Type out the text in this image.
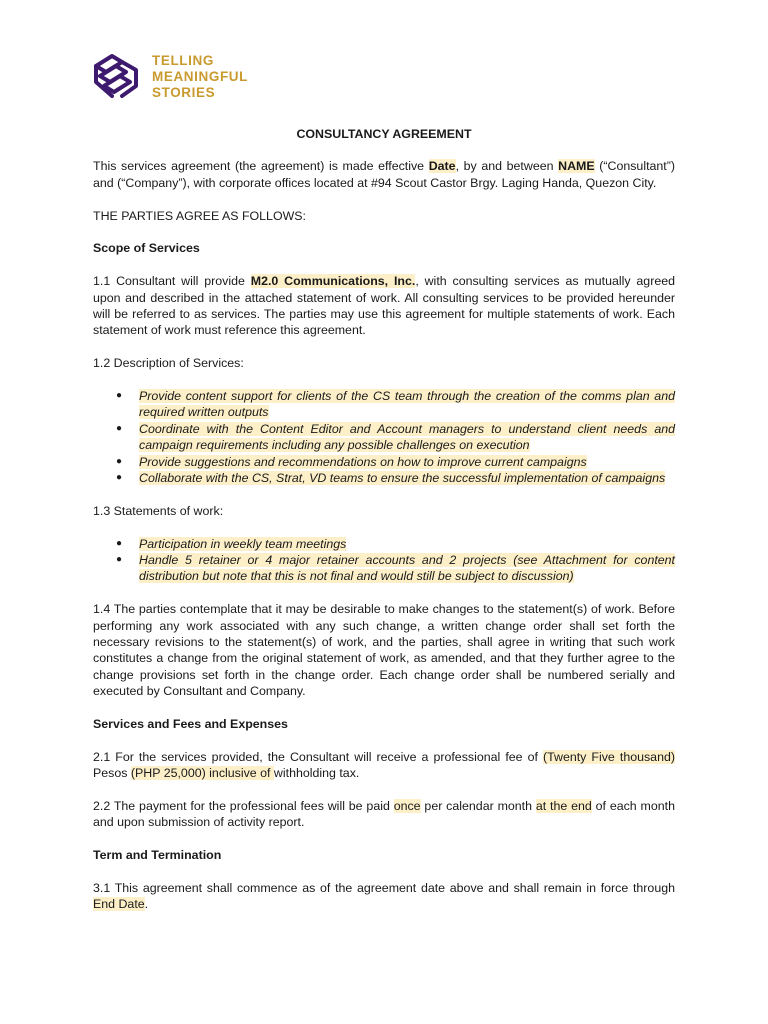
TELLING
MEANINGFUL
STORIES
CONSULTANCY AGREEMENT

This services agreement (the agreement) is made effective Date, by and between NAME (“Consultant”) and (“Company”), with corporate offices located at #94 Scout Castor Brgy. Laging Handa, Quezon City.

THE PARTIES AGREE AS FOLLOWS:

Scope of Services

1.1 Consultant will provide M2.0 Communications, Inc., with consulting services as mutually agreed upon and described in the attached statement of work. All consulting services to be provided hereunder will be referred to as services. The parties may use this agreement for multiple statements of work. Each statement of work must reference this agreement.

1.2 Description of Services:

● Provide content support for clients of the CS team through the creation of the comms plan and required written outputs
● Coordinate with the Content Editor and Account managers to understand client needs and campaign requirements including any possible challenges on execution
● Provide suggestions and recommendations on how to improve current campaigns
● Collaborate with the CS, Strat, VD teams to ensure the successful implementation of campaigns

1.3 Statements of work:

● Participation in weekly team meetings
● Handle 5 retainer or 4 major retainer accounts and 2 projects (see Attachment for content distribution but note that this is not final and would still be subject to discussion)

1.4 The parties contemplate that it may be desirable to make changes to the statement(s) of work. Before performing any work associated with any such change, a written change order shall set forth the necessary revisions to the statement(s) of work, and the parties, shall agree in writing that such work constitutes a change from the original statement of work, as amended, and that they further agree to the change provisions set forth in the change order. Each change order shall be numbered serially and executed by Consultant and Company.

Services and Fees and Expenses

2.1 For the services provided, the Consultant will receive a professional fee of (Twenty Five thousand) Pesos (PHP 25,000) inclusive of withholding tax.

2.2 The payment for the professional fees will be paid once per calendar month at the end of each month and upon submission of activity report.

Term and Termination

3.1 This agreement shall commence as of the agreement date above and shall remain in force through End Date.
